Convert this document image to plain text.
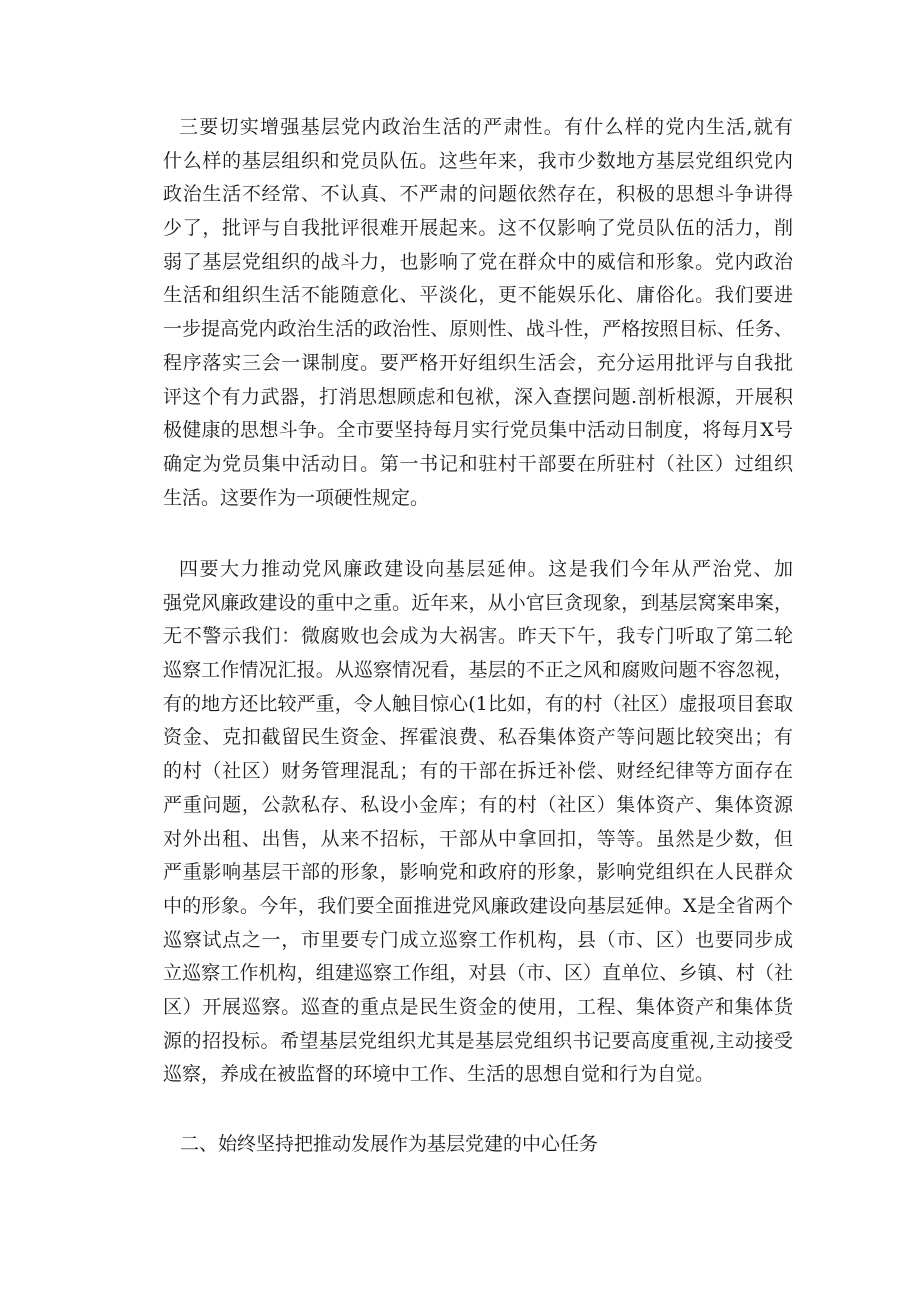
三要切实增强基层党内政治生活的严肃性。有什么样的党内生活,就有
什么样的基层组织和党员队伍。这些年来，我市少数地方基层党组织党内
政治生活不经常、不认真、不严肃的问题依然存在，积极的思想斗争讲得
少了，批评与自我批评很难开展起来。这不仅影响了党员队伍的活力，削
弱了基层党组织的战斗力，也影响了党在群众中的威信和形象。党内政治
生活和组织生活不能随意化、平淡化，更不能娱乐化、庸俗化。我们要进
一步提高党内政治生活的政治性、原则性、战斗性，严格按照目标、任务、
程序落实三会一课制度。要严格开好组织生活会，充分运用批评与自我批
评这个有力武器，打消思想顾虑和包袱，深入查摆问题.剖析根源，开展积
极健康的思想斗争。全市要坚持每月实行党员集中活动日制度，将每月X号
确定为党员集中活动日。第一书记和驻村干部要在所驻村（社区）过组织
生活。这要作为一项硬性规定。
四要大力推动党风廉政建设向基层延伸。这是我们今年从严治党、加
强党风廉政建设的重中之重。近年来，从小官巨贪现象，到基层窝案串案，
无不警示我们：微腐败也会成为大祸害。昨天下午，我专门听取了第二轮
巡察工作情况汇报。从巡察情况看，基层的不正之风和腐败问题不容忽视，
有的地方还比较严重，令人触目惊心(1比如，有的村（社区）虚报项目套取
资金、克扣截留民生资金、挥霍浪费、私吞集体资产等问题比较突出；有
的村（社区）财务管理混乱；有的干部在拆迁补偿、财经纪律等方面存在
严重问题，公款私存、私设小金库；有的村（社区）集体资产、集体资源
对外出租、出售，从来不招标，干部从中拿回扣，等等。虽然是少数，但
严重影响基层干部的形象，影响党和政府的形象，影响党组织在人民群众
中的形象。今年，我们要全面推进党风廉政建设向基层延伸。X是全省两个
巡察试点之一，市里要专门成立巡察工作机构，县（市、区）也要同步成
立巡察工作机构，组建巡察工作组，对县（市、区）直单位、乡镇、村（社
区）开展巡察。巡查的重点是民生资金的使用，工程、集体资产和集体货
源的招投标。希望基层党组织尤其是基层党组织书记要高度重视,主动接受
巡察，养成在被监督的环境中工作、生活的思想自觉和行为自觉。
二、始终坚持把推动发展作为基层党建的中心任务
